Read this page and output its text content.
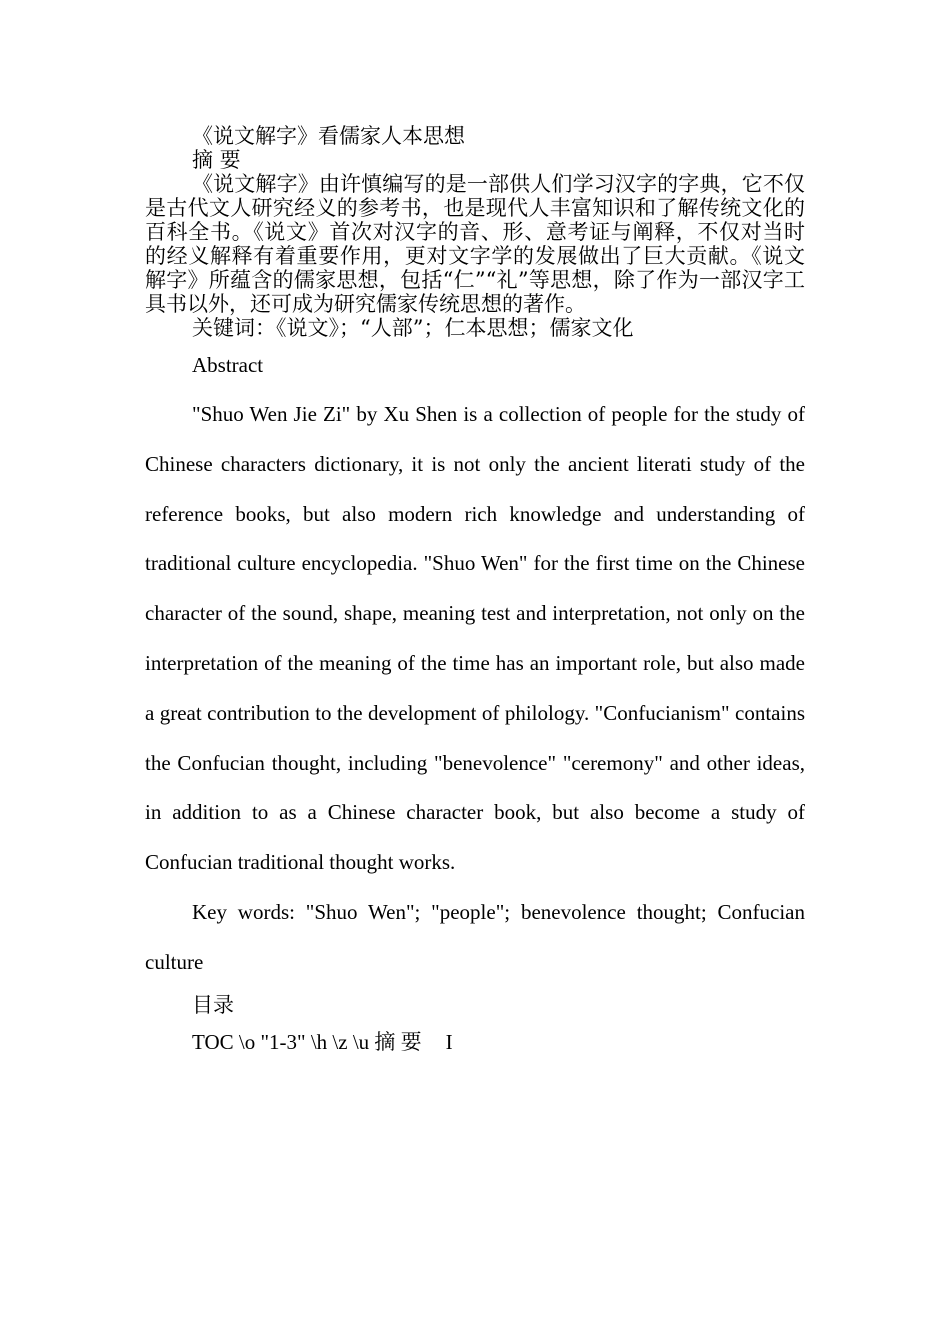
《说文解字》看儒家人本思想

摘 要

《说文解字》由许慎编写的是一部供人们学习汉字的字典，它不仅是古代文人研究经义的参考书，也是现代人丰富知识和了解传统文化的百科全书。《说文》首次对汉字的音、形、意考证与阐释，不仅对当时的经义解释有着重要作用，更对文字学的发展做出了巨大贡献。《说文解字》所蕴含的儒家思想，包括“仁”“礼”等思想，除了作为一部汉字工具书以外，还可成为研究儒家传统思想的著作。

关键词：《说文》；“人部”；仁本思想；儒家文化

Abstract

"Shuo Wen Jie Zi" by Xu Shen is a collection of people for the study of Chinese characters dictionary, it is not only the ancient literati study of the reference books, but also modern rich knowledge and understanding of traditional culture encyclopedia. "Shuo Wen" for the first time on the Chinese character of the sound, shape, meaning test and interpretation, not only on the interpretation of the meaning of the time has an important role, but also made a great contribution to the development of philology. "Confucianism" contains the Confucian thought, including "benevolence" "ceremony" and other ideas, in addition to as a Chinese character book, but also become a study of Confucian traditional thought works.

Key words: "Shuo Wen"; "people"; benevolence thought; Confucian culture

目录

TOC \o "1-3" \h \z \u 摘 要 I
